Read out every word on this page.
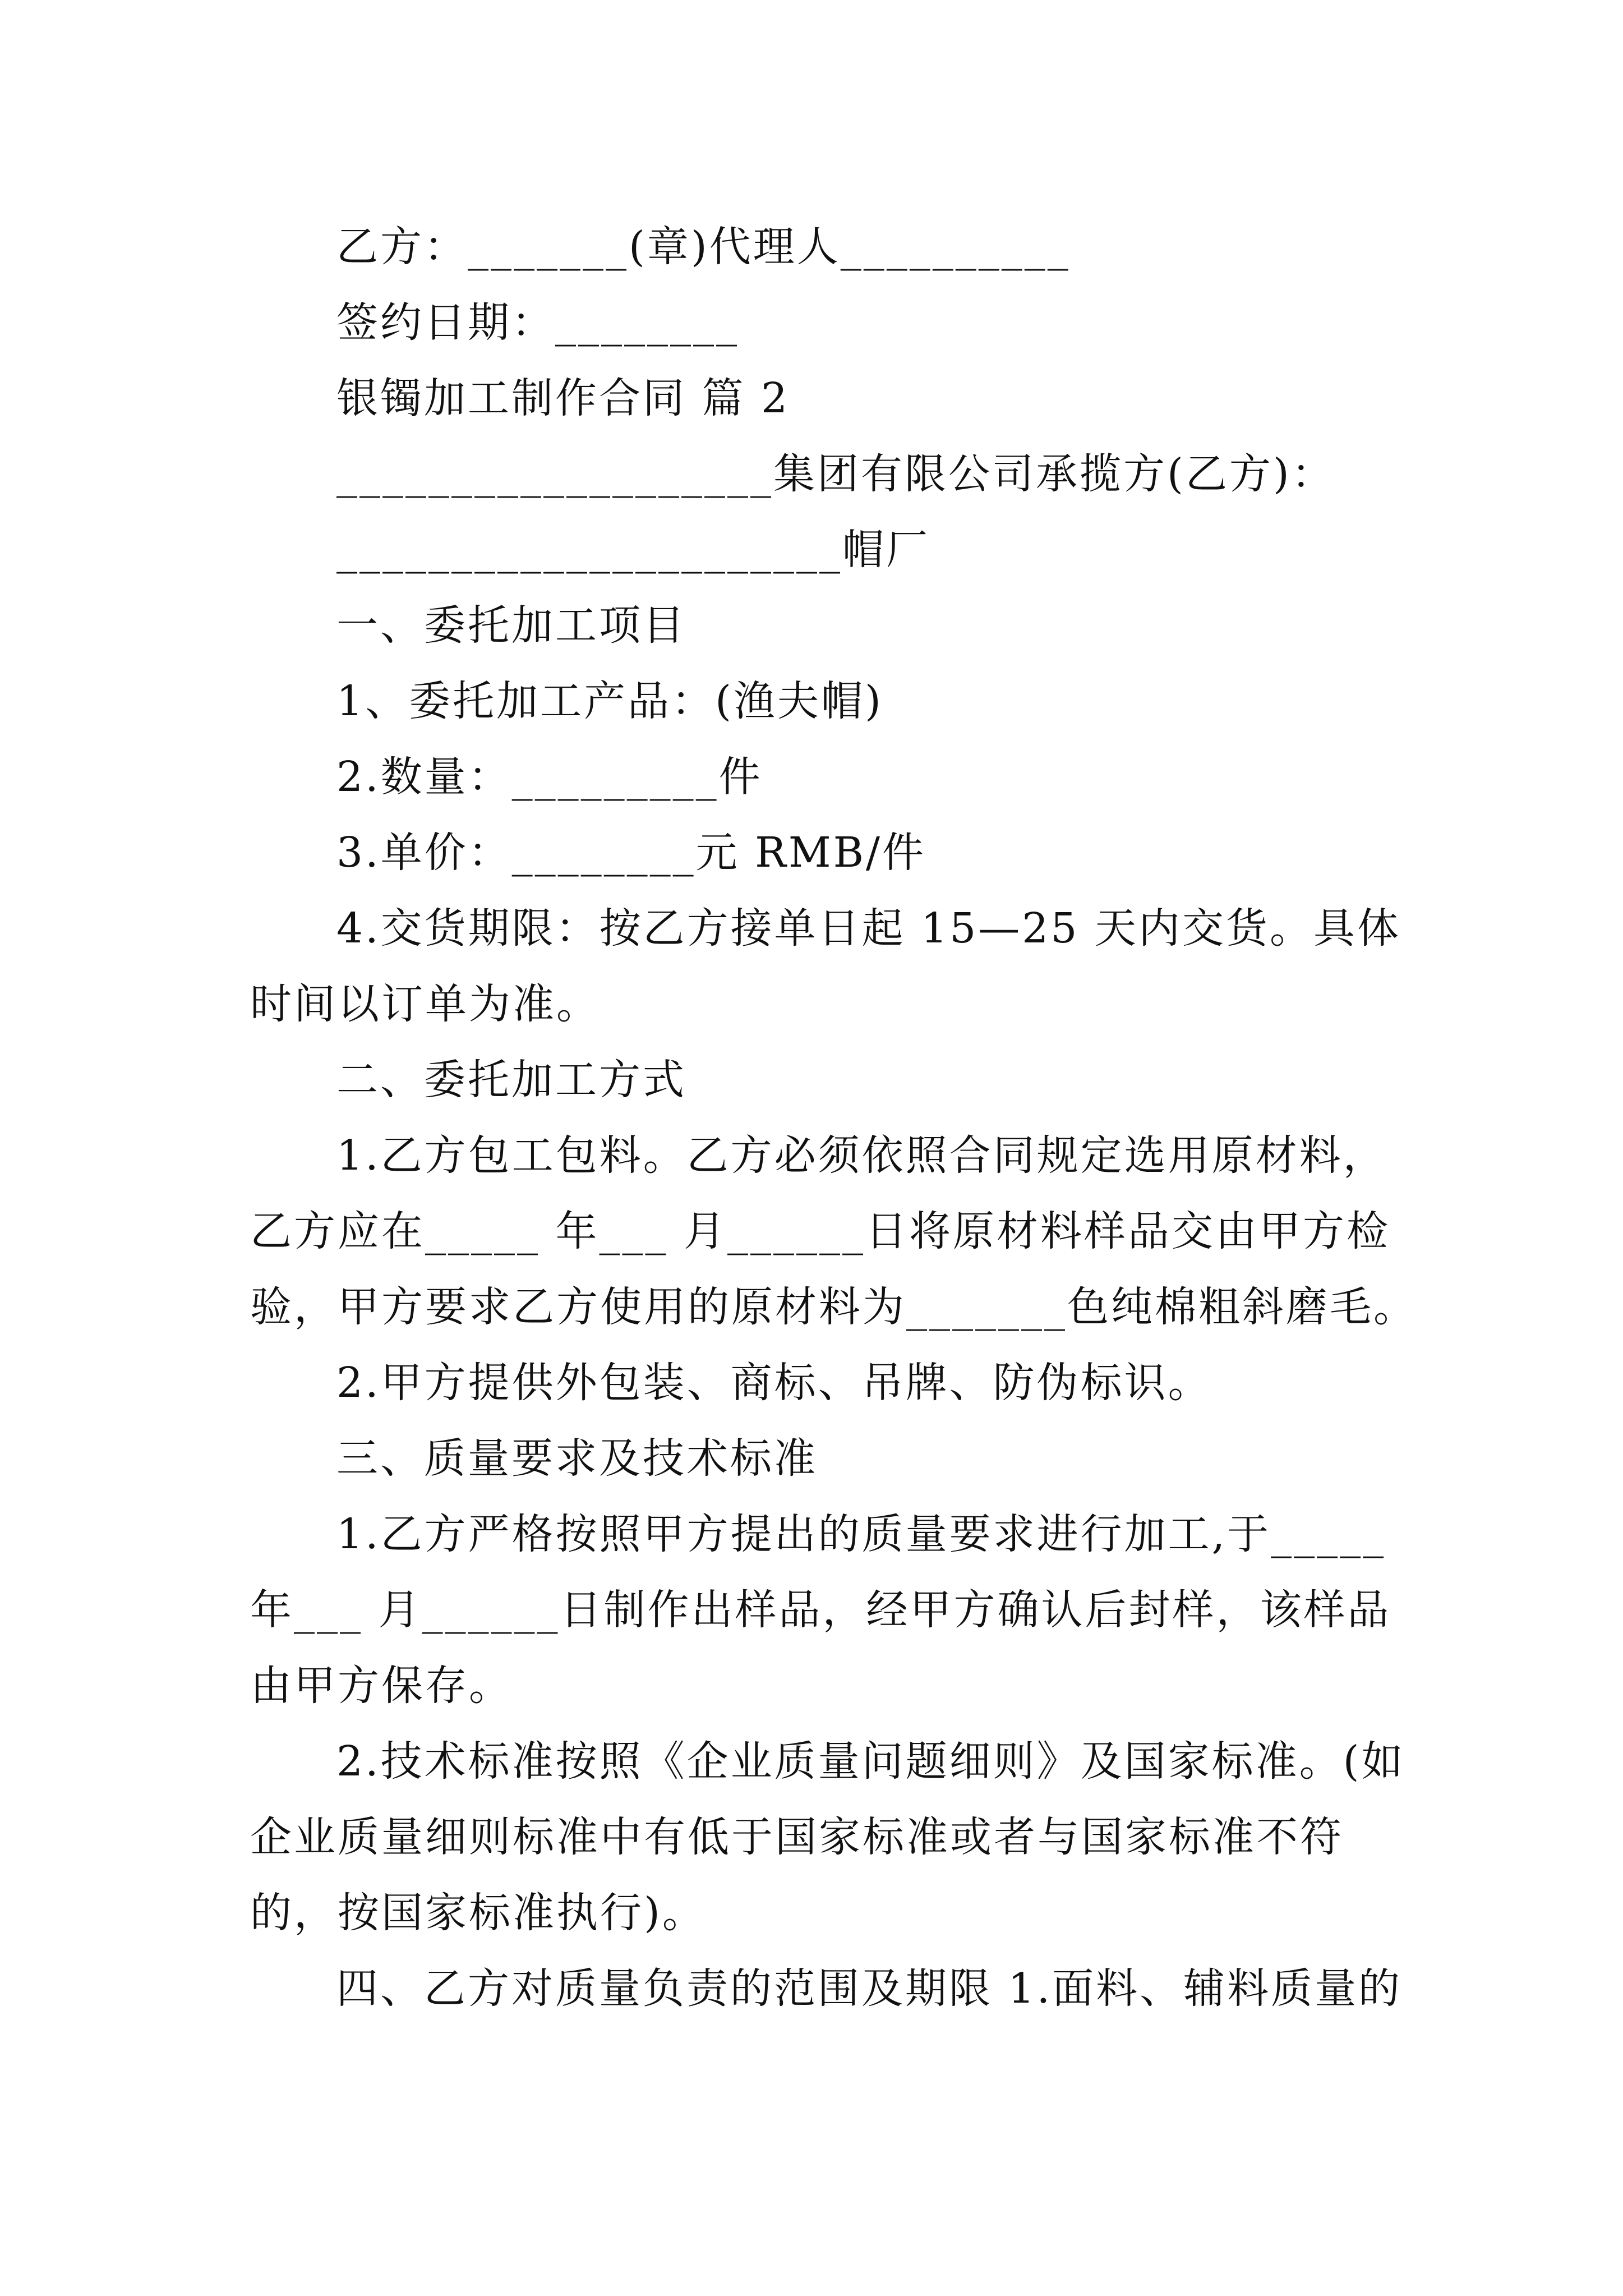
乙方：_______(章)代理人__________
签约日期：________
银镯加工制作合同 篇 2
___________________集团有限公司承揽方(乙方)：
______________________帽厂
一、委托加工项目
1、委托加工产品：(渔夫帽)
2.数量：_________件
3.单价：________元 RMB/件
4.交货期限：按乙方接单日起 15—25 天内交货。具体
时间以订单为准。
二、委托加工方式
1.乙方包工包料。乙方必须依照合同规定选用原材料，
乙方应在_____ 年___ 月______日将原材料样品交由甲方检
验，甲方要求乙方使用的原材料为_______色纯棉粗斜磨毛。
2.甲方提供外包装、商标、吊牌、防伪标识。
三、质量要求及技术标准
1.乙方严格按照甲方提出的质量要求进行加工,于_____
年___ 月______日制作出样品，经甲方确认后封样，该样品
由甲方保存。
2.技术标准按照《企业质量问题细则》及国家标准。(如
企业质量细则标准中有低于国家标准或者与国家标准不符
的，按国家标准执行)。
四、乙方对质量负责的范围及期限 1.面料、辅料质量的
